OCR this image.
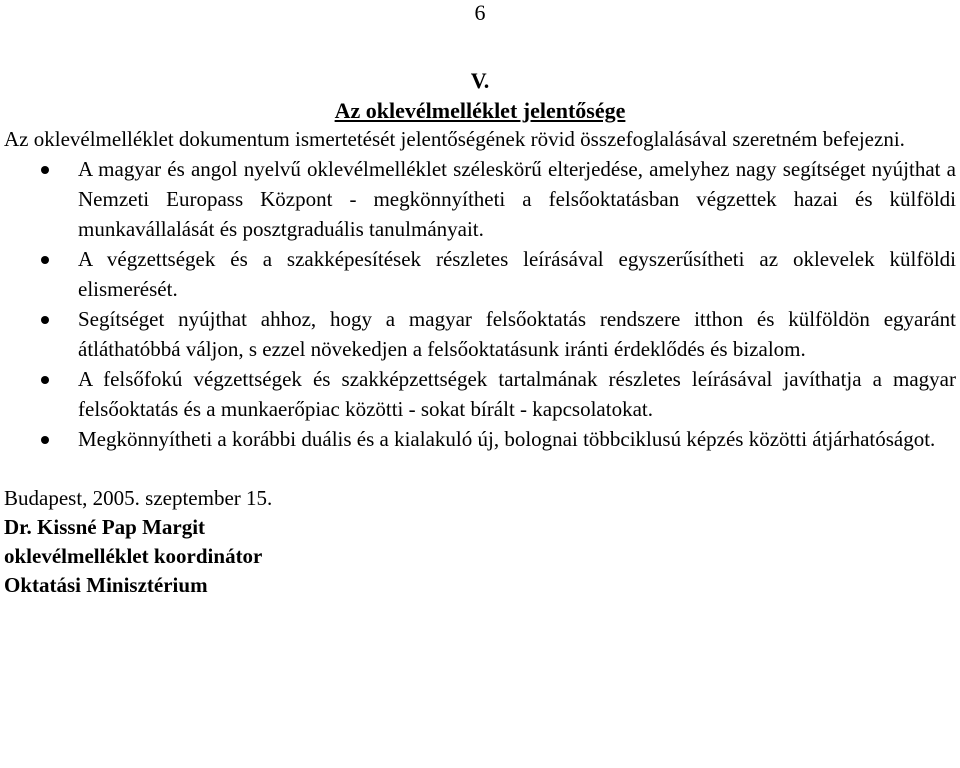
6

V.
Az oklevélmelléklet jelentősége

Az oklevélmelléklet dokumentum ismertetését jelentőségének rövid összefoglalásával szeretném befejezni.

A magyar és angol nyelvű oklevélmelléklet széleskörű elterjedése, amelyhez nagy segítséget nyújthat a Nemzeti Europass Központ - megkönnyítheti a felsőoktatásban végzettek hazai és külföldi munkavállalását és posztgraduális tanulmányait.
A végzettségek és a szakképesítések részletes leírásával egyszerűsítheti az oklevelek külföldi elismerését.
Segítséget nyújthat ahhoz, hogy a magyar felsőoktatás rendszere itthon és külföldön egyaránt átláthatóbbá váljon, s ezzel növekedjen a felsőoktatásunk iránti érdeklődés és bizalom.
A felsőfokú végzettségek és szakképzettségek tartalmának részletes leírásával javíthatja a magyar felsőoktatás és a munkaerőpiac közötti - sokat bírált - kapcsolatokat.
Megkönnyítheti a korábbi duális és a kialakuló új, bolognai többciklusú képzés közötti átjárhatóságot.

Budapest, 2005. szeptember 15.

Dr. Kissné Pap Margit

oklevélmelléklet koordinátor

Oktatási Minisztérium
